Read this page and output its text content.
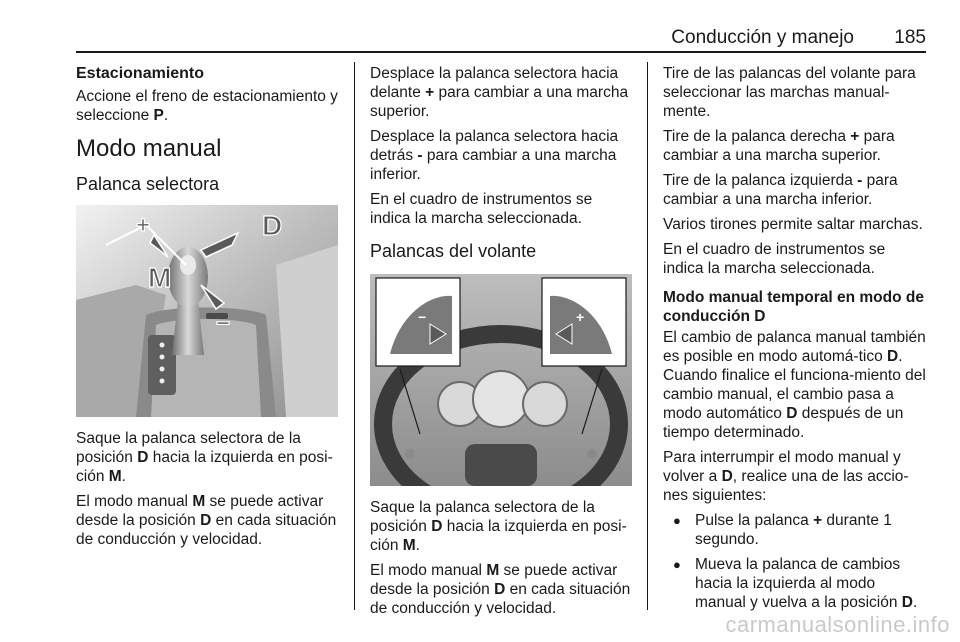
Conducción y manejo 185
Estacionamiento

Accione el freno de estacionamiento y seleccione P.

Modo manual
Palanca selectora
+	D
M
−

Saque la palanca selectora de la posición D hacia la izquierda en posi-ción M.

El modo manual M se puede activar desde la posición D en cada situación de conducción y velocidad.

Desplace la palanca selectora hacia delante + para cambiar a una marcha superior.

Desplace la palanca selectora hacia detrás - para cambiar a una marcha inferior.

En el cuadro de instrumentos se indica la marcha seleccionada.

Palancas del volante
−	+

Saque la palanca selectora de la posición D hacia la izquierda en posi-ción M.

El modo manual M se puede activar desde la posición D en cada situación de conducción y velocidad.

Tire de las palancas del volante para seleccionar las marchas manual-mente.

Tire de la palanca derecha + para cambiar a una marcha superior.

Tire de la palanca izquierda - para cambiar a una marcha inferior.

Varios tirones permite saltar marchas.

En el cuadro de instrumentos se indica la marcha seleccionada.

Modo manual temporal en modo de conducción D

El cambio de palanca manual también es posible en modo automá-tico D. Cuando finalice el funciona-miento del cambio manual, el cambio pasa a modo automático D después de un tiempo determinado.

Para interrumpir el modo manual y volver a D, realice una de las accio-nes siguientes:

● Pulse la palanca + durante 1 segundo.
● Mueva la palanca de cambios hacia la izquierda al modo manual y vuelva a la posición D.
carmanualsonline.info
